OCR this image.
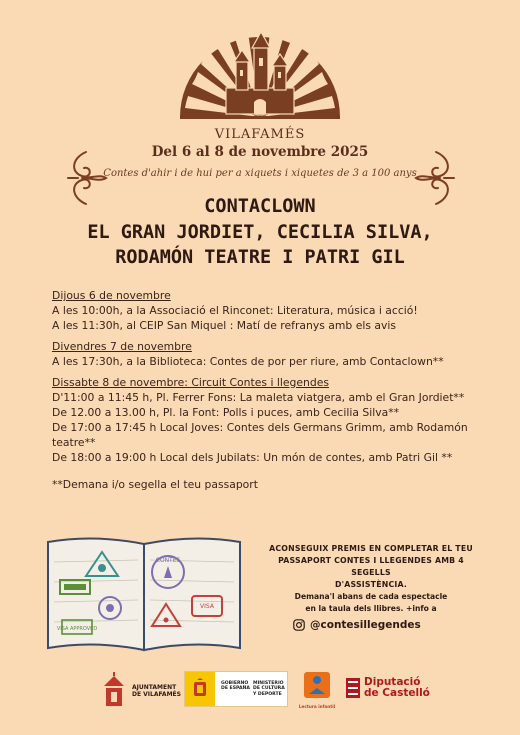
VILAFAMÉS
Del 6 al 8 de novembre 2025
Contes d'ahir i de hui per a xiquets i xiquetes de 3 a 100 anys
CONTACLOWN
EL GRAN JORDIET, CECILIA SILVA,
RODAMÓN TEATRE I PATRI GIL
Dijous 6 de novembre
A les 10:00h, a la Associació el Rinconet: Literatura, música i acció!
A les 11:30h, al CEIP San Miquel : Matí de refranys amb els avis
Divendres 7 de novembre
A les 17:30h, a la Biblioteca: Contes de por per riure, amb Contaclown**
Dissabte 8 de novembre: Circuit Contes i llegendes
D'11:00 a 11:45 h, Pl. Ferrer Fons: La maleta viatgera, amb el Gran Jordiet**
De 12.00 a 13.00 h, Pl. la Font: Polls i puces, amb Cecilia Silva**
De 17:00 a 17:45 h Local Joves: Contes dels Germans Grimm, amb Rodamón teatre**
De 18:00 a 19:00 h Local dels Jubilats: Un món de contes, amb Patri Gil **
**Demana i/o segella el teu passaport
VISA APPROVED
CONTES
VISA
ACONSEGUIX PREMIS EN COMPLETAR EL TEU
PASSAPORT CONTES I LLEGENDES AMB 4 SEGELLS
D'ASSISTÈNCIA.
Demana'l abans de cada espectacle
en la taula dels llibres. +info a
@contesillegendes
AJUNTAMENT
DE VILAFAMÉS
GOBIERNO
DE ESPAÑA
MINISTERIO
DE CULTURA
Y DEPORTE
Lectura infantil
Diputació
de Castelló
